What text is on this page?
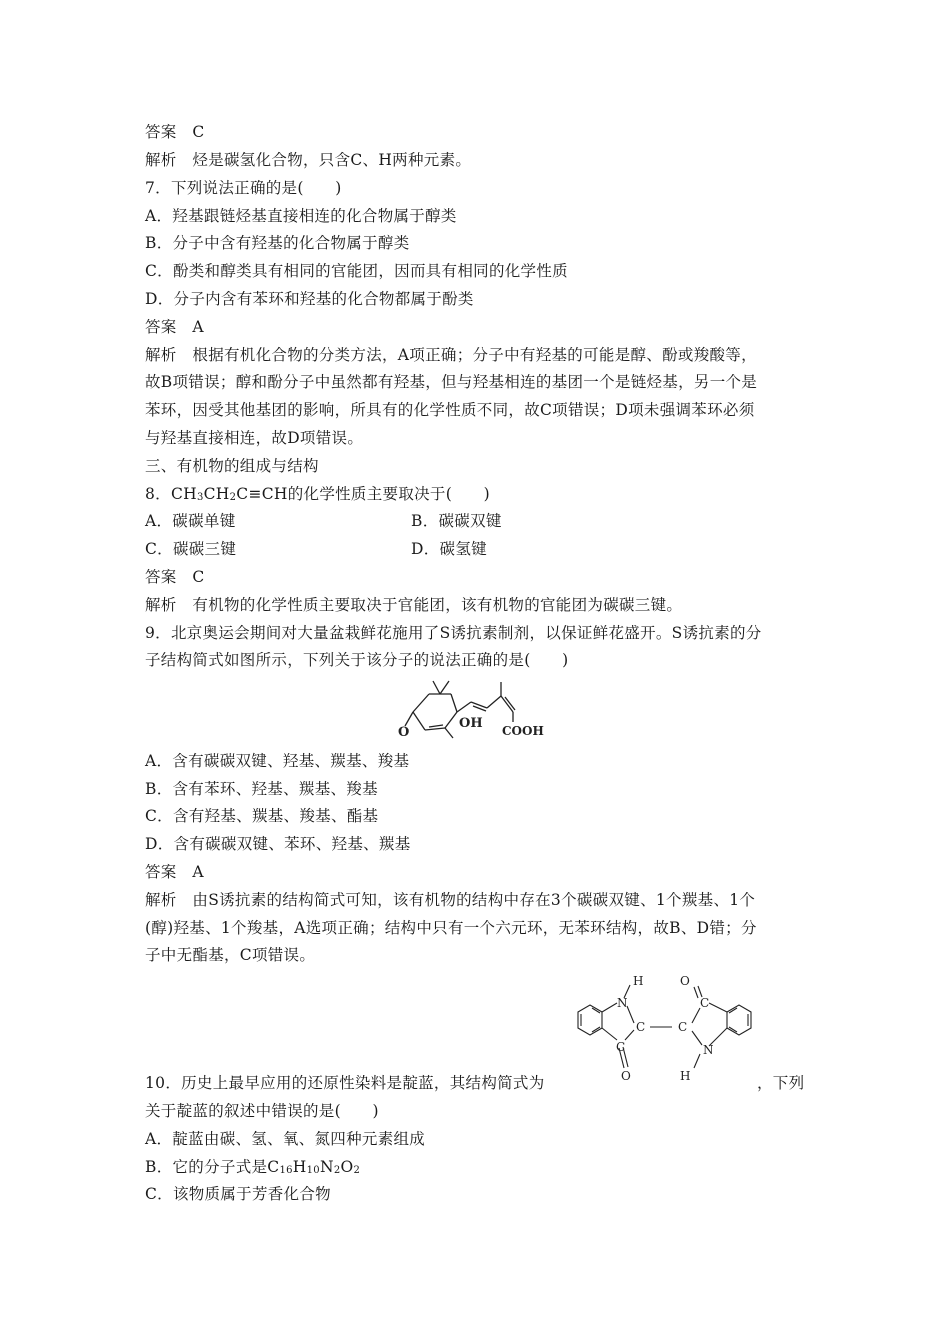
答案　C
解析　烃是碳氢化合物，只含C、H两种元素。
7．下列说法正确的是(　　)
A．羟基跟链烃基直接相连的化合物属于醇类
B．分子中含有羟基的化合物属于醇类
C．酚类和醇类具有相同的官能团，因而具有相同的化学性质
D．分子内含有苯环和羟基的化合物都属于酚类
答案　A
解析　根据有机化合物的分类方法，A项正确；分子中有羟基的可能是醇、酚或羧酸等，
故B项错误；醇和酚分子中虽然都有羟基，但与羟基相连的基团一个是链烃基，另一个是
苯环，因受其他基团的影响，所具有的化学性质不同，故C项错误；D项未强调苯环必须
与羟基直接相连，故D项错误。
三、有机物的组成与结构
8．$CH_3CH_2C\equiv CH$的化学性质主要取决于(　　)
A．碳碳单键	B．碳碳双键
C．碳碳三键	D．碳氢键
答案　C
解析　有机物的化学性质主要取决于官能团，该有机物的官能团为碳碳三键。
9．北京奥运会期间对大量盆栽鲜花施用了S诱抗素制剂，以保证鲜花盛开。S诱抗素的分
子结构简式如图所示，下列关于该分子的说法正确的是(　　)
O
OH COOH
A．含有碳碳双键、羟基、羰基、羧基
B．含有苯环、羟基、羰基、羧基
C．含有羟基、羰基、羧基、酯基
D．含有碳碳双键、苯环、羟基、羰基
答案　A
解析　由S诱抗素的结构简式可知，该有机物的结构中存在3个碳碳双键、1个羰基、1个
(醇)羟基、1个羧基，A选项正确；结构中只有一个六元环，无苯环结构，故B、D错；分
子中无酯基，C项错误。
H
N
C
C
O
C
O
C
N
H
10．历史上最早应用的还原性染料是靛蓝，其结构简式为	，下列
关于靛蓝的叙述中错误的是(　　)
A．靛蓝由碳、氢、氧、氮四种元素组成
B．它的分子式是$C_{16}H_{10}N_2O_2$
C．该物质属于芳香化合物
